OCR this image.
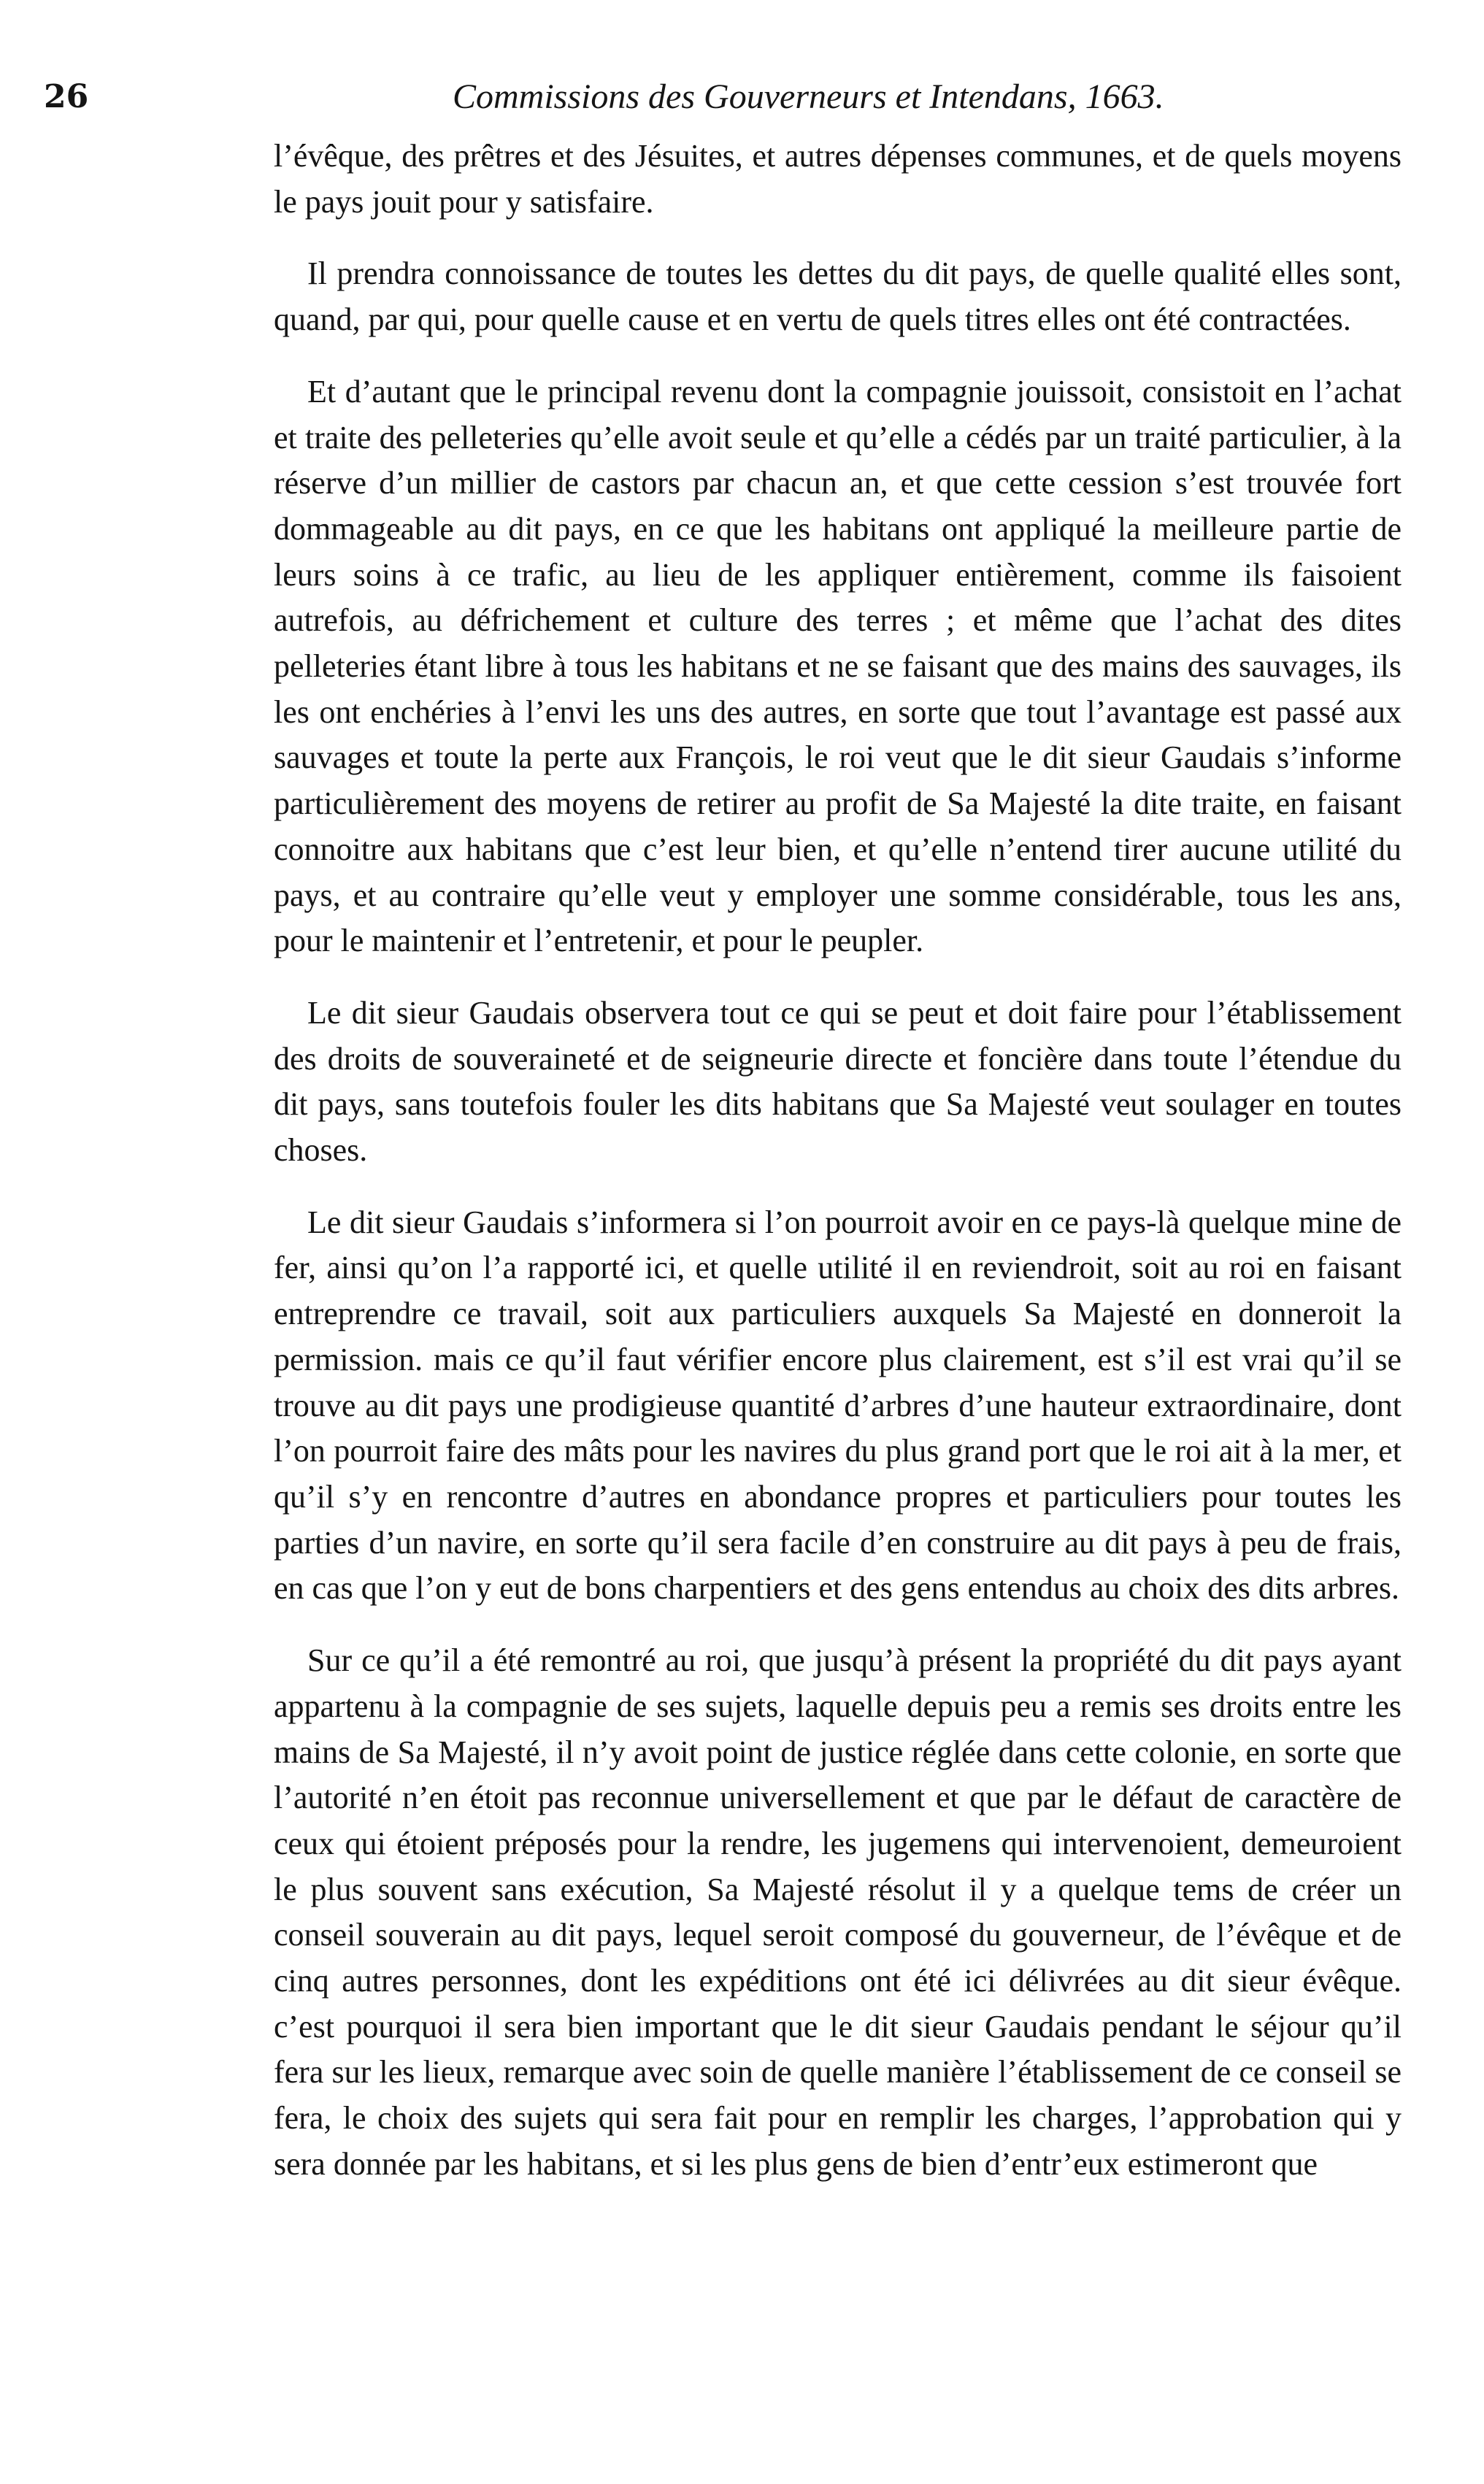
26	Commissions des Gouverneurs et Intendans, 1663.

l’évêque, des prêtres et des Jésuites, et autres dépenses communes, et de quels moyens le pays jouit pour y satisfaire.

Il prendra connoissance de toutes les dettes du dit pays, de quelle qualité elles sont, quand, par qui, pour quelle cause et en vertu de quels titres elles ont été contractées.

Et d’autant que le principal revenu dont la compagnie jouissoit, consistoit en l’achat et traite des pelleteries qu’elle avoit seule et qu’elle a cédés par un traité particulier, à la réserve d’un millier de castors par chacun an, et que cette cession s’est trouvée fort dommageable au dit pays, en ce que les habitans ont appliqué la meilleure partie de leurs soins à ce trafic, au lieu de les appliquer entièrement, comme ils faisoient autrefois, au défrichement et culture des terres ; et même que l’achat des dites pelleteries étant libre à tous les habitans et ne se faisant que des mains des sauvages, ils les ont enchéries à l’envi les uns des autres, en sorte que tout l’avantage est passé aux sauvages et toute la perte aux François, le roi veut que le dit sieur Gaudais s’informe particulièrement des moyens de retirer au profit de Sa Majesté la dite traite, en faisant connoitre aux habitans que c’est leur bien, et qu’elle n’entend tirer aucune utilité du pays, et au contraire qu’elle veut y employer une somme considérable, tous les ans, pour le maintenir et l’entretenir, et pour le peupler.

Le dit sieur Gaudais observera tout ce qui se peut et doit faire pour l’établissement des droits de souveraineté et de seigneurie directe et foncière dans toute l’étendue du dit pays, sans toutefois fouler les dits habitans que Sa Majesté veut soulager en toutes choses.

Le dit sieur Gaudais s’informera si l’on pourroit avoir en ce pays-là quelque mine de fer, ainsi qu’on l’a rapporté ici, et quelle utilité il en reviendroit, soit au roi en faisant entreprendre ce travail, soit aux particuliers auxquels Sa Majesté en donneroit la permission. mais ce qu’il faut vérifier encore plus clairement, est s’il est vrai qu’il se trouve au dit pays une prodigieuse quantité d’arbres d’une hauteur extraordinaire, dont l’on pourroit faire des mâts pour les navires du plus grand port que le roi ait à la mer, et qu’il s’y en rencontre d’autres en abondance propres et particuliers pour toutes les parties d’un navire, en sorte qu’il sera facile d’en construire au dit pays à peu de frais, en cas que l’on y eut de bons charpentiers et des gens entendus au choix des dits arbres.

Sur ce qu’il a été remontré au roi, que jusqu’à présent la propriété du dit pays ayant appartenu à la compagnie de ses sujets, laquelle depuis peu a remis ses droits entre les mains de Sa Majesté, il n’y avoit point de justice réglée dans cette colonie, en sorte que l’autorité n’en étoit pas reconnue universellement et que par le défaut de caractère de ceux qui étoient préposés pour la rendre, les jugemens qui intervenoient, demeuroient le plus souvent sans exécution, Sa Majesté résolut il y a quelque tems de créer un conseil souverain au dit pays, lequel seroit composé du gouverneur, de l’évêque et de cinq autres personnes, dont les expéditions ont été ici délivrées au dit sieur évêque. c’est pourquoi il sera bien important que le dit sieur Gaudais pendant le séjour qu’il fera sur les lieux, remarque avec soin de quelle manière l’établissement de ce conseil se fera, le choix des sujets qui sera fait pour en remplir les charges, l’approbation qui y sera donnée par les habitans, et si les plus gens de bien d’entr’eux estimeront que
